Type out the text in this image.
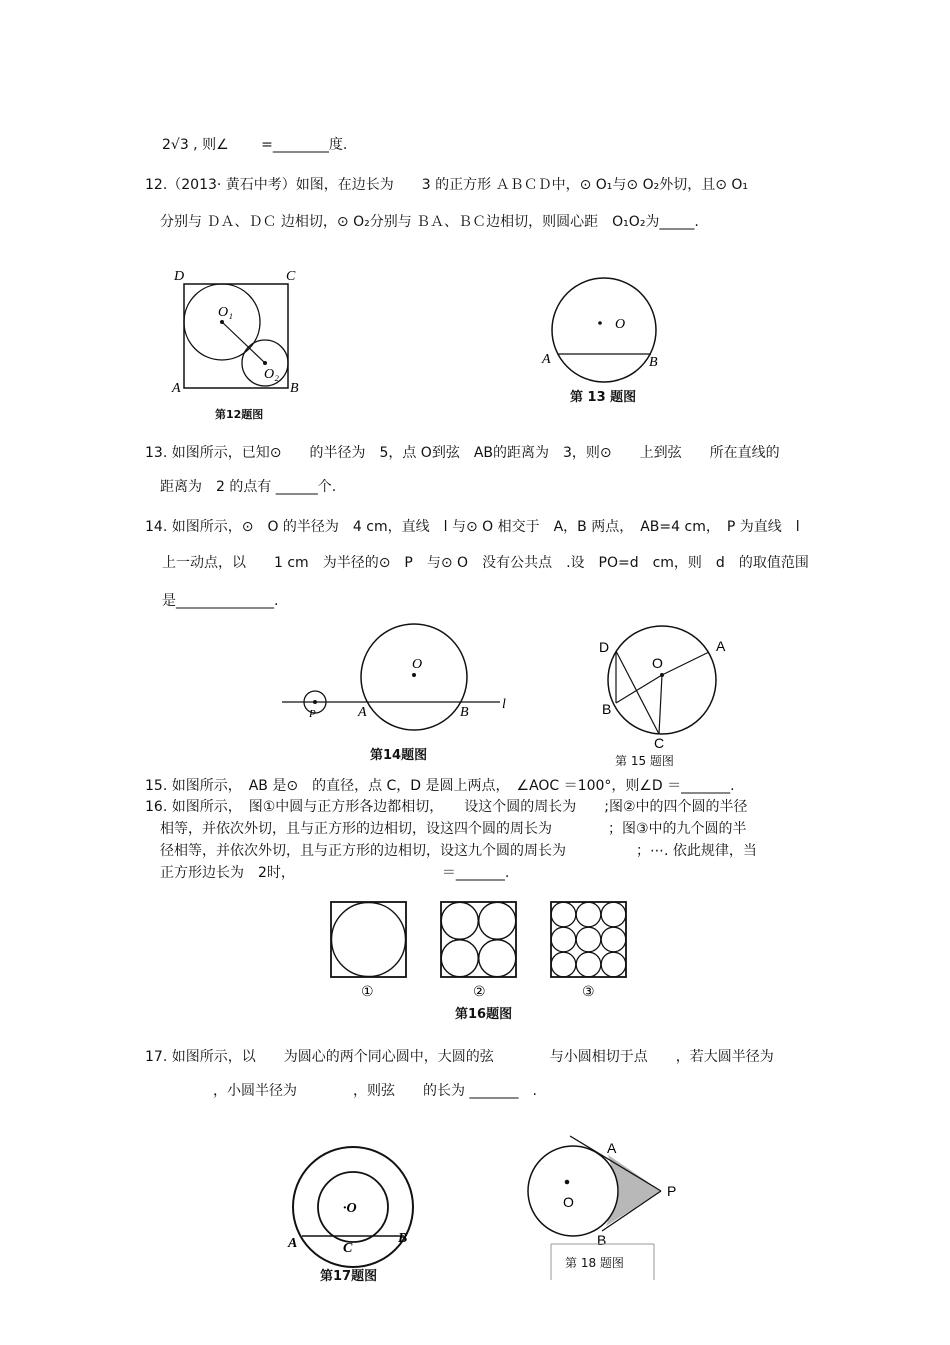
2√3 , 则∠ 　　=________度.
12.（2013· 黄石中考）如图，在边长为　　3 的正方形 ＡＢＣＤ中，⊙ O₁与⊙ O₂外切，且⊙ O₁
分别与 ＤＡ、ＤＣ 边相切，⊙ O₂分别与 ＢＡ、ＢＣ边相切，则圆心距　O₁O₂为_____.
D	C
A	B
O₁
O₂
第12题图
O
A	B
第 13 题图
13. 如图所示，已知⊙　　的半径为　5，点 O到弦　AB的距离为　3，则⊙　　上到弦　　所在直线的
距离为　2 的点有 ______个.
14. 如图所示，⊙　O 的半径为　4 cm，直线　l 与⊙ O 相交于　A，B 两点，　AB=4 cm，　P 为直线　l
上一动点，以　　1 cm　为半径的⊙　P　与⊙ O　没有公共点　.设　PO=d　cm，则　d　的取值范围
是______________.
O
A	B
P
l
第14题图
D	A
O
B
C
第 15 题图
15. 如图所示，　AB 是⊙　的直径，点 C，D 是圆上两点，　∠AOC ＝100°，则∠D ＝_______.
16. 如图所示，　图①中圆与正方形各边都相切，　　设这个圆的周长为　　;图②中的四个圆的半径
相等，并依次外切，且与正方形的边相切，设这四个圆的周长为　　　　；图③中的九个圆的半
径相等，并依次外切，且与正方形的边相切，设这九个圆的周长为　　　　　；⋯. 依此规律，当
正方形边长为　2时，　　　　　　　　　　　＝_______.
①	②	③
第16题图
17. 如图所示，以　　为圆心的两个同心圆中，大圆的弦　　　　与小圆相切于点　　，若大圆半径为
，小圆半径为　　　　，则弦　　的长为 _______　.
·O
A	C
B
第17题图
A
P
O
B
第 18 题图
